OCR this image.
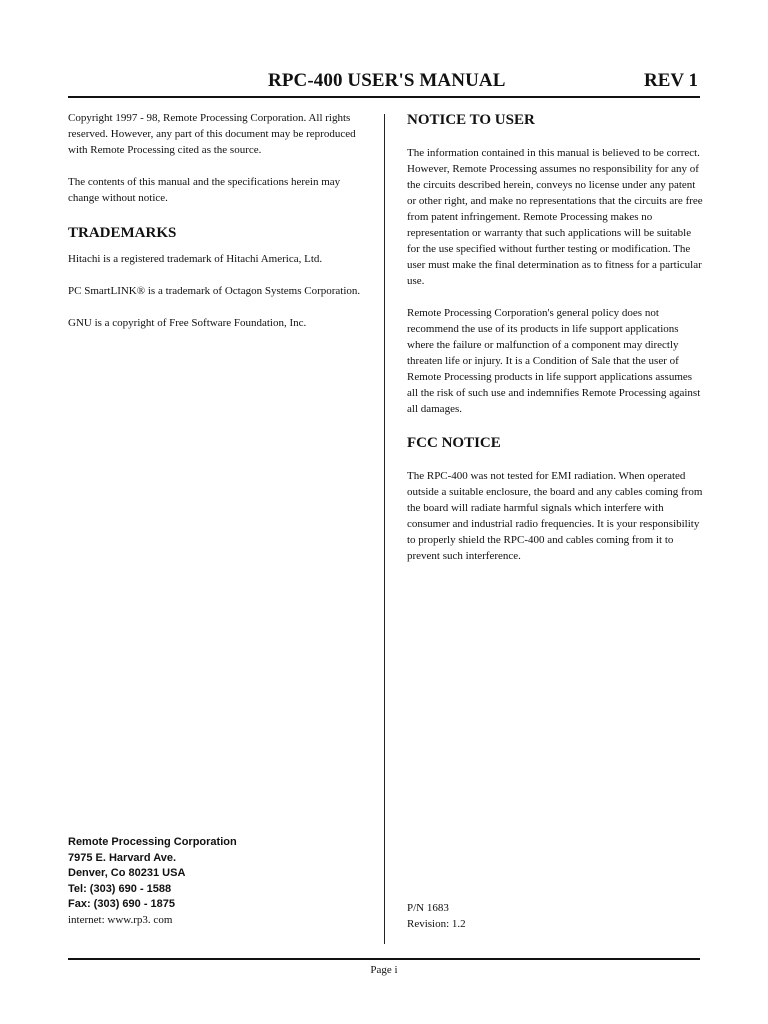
RPC-400 USER'S MANUAL	REV 1

Copyright 1997 - 98, Remote Processing Corporation. All rights reserved. However, any part of this document may be reproduced with Remote Processing cited as the source.

The contents of this manual and the specifications herein may change without notice.

TRADEMARKS

Hitachi is a registered trademark of Hitachi America, Ltd.

PC SmartLINK® is a trademark of Octagon Systems Corporation.

GNU is a copyright of Free Software Foundation, Inc.

NOTICE TO USER

The information contained in this manual is believed to be correct. However, Remote Processing assumes no responsibility for any of the circuits described herein, conveys no license under any patent or other right, and make no representations that the circuits are free from patent infringement. Remote Processing makes no representation or warranty that such applications will be suitable for the use specified without further testing or modification. The user must make the final determination as to fitness for a particular use.

Remote Processing Corporation's general policy does not recommend the use of its products in life support applications where the failure or malfunction of a component may directly threaten life or injury. It is a Condition of Sale that the user of Remote Processing products in life support applications assumes all the risk of such use and indemnifies Remote Processing against all damages.

FCC NOTICE

The RPC-400 was not tested for EMI radiation. When operated outside a suitable enclosure, the board and any cables coming from the board will radiate harmful signals which interfere with consumer and industrial radio frequencies. It is your responsibility to properly shield the RPC-400 and cables coming from it to prevent such interference.

Remote Processing Corporation
7975 E. Harvard Ave.
Denver, Co 80231 USA
Tel: (303) 690 - 1588
Fax: (303) 690 - 1875
internet: www.rp3. com

P/N 1683

Revision: 1.2

Page i
